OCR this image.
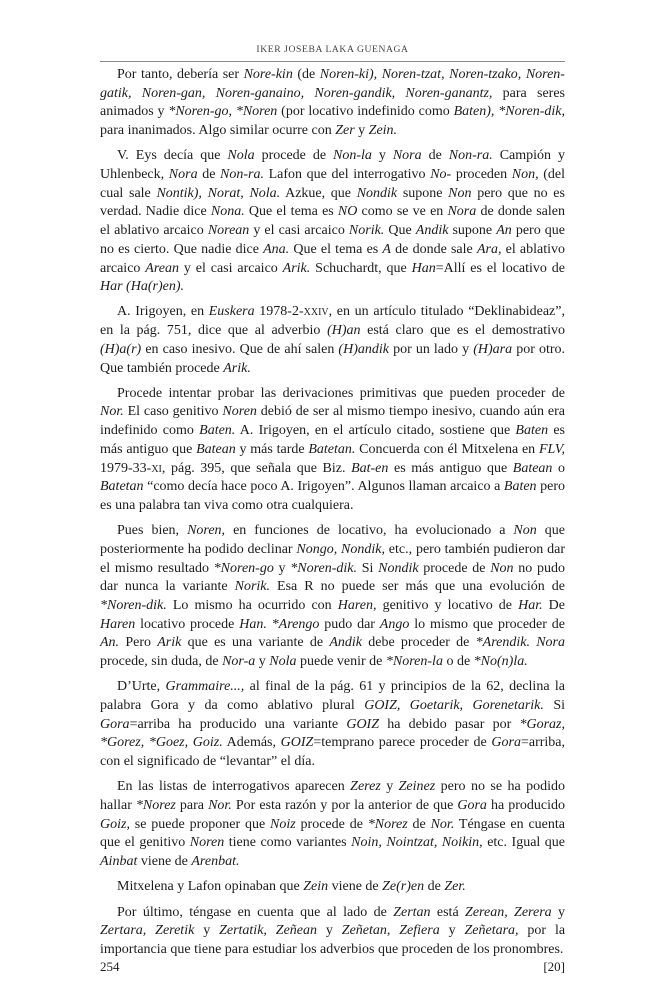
IKER JOSEBA LAKA GUENAGA

Por tanto, debería ser Nore-kin (de Noren-ki), Noren-tzat, Noren-tzako, Noren-gatik, Noren-gan, Noren-ganaino, Noren-gandik, Noren-ganantz, para seres animados y *Noren-go, *Noren (por locativo indefinido como Baten), *Noren-dik, para inanimados. Algo similar ocurre con Zer y Zein.

V. Eys decía que Nola procede de Non-la y Nora de Non-ra. Campión y Uhlenbeck, Nora de Non-ra. Lafon que del interrogativo No- proceden Non, (del cual sale Nontik), Norat, Nola. Azkue, que Nondik supone Non pero que no es verdad. Nadie dice Nona. Que el tema es NO como se ve en Nora de donde salen el ablativo arcaico Norean y el casi arcaico Norik. Que Andik supone An pero que no es cierto. Que nadie dice Ana. Que el tema es A de donde sale Ara, el ablativo arcaico Arean y el casi arcaico Arik. Schuchardt, que Han=Allí es el locativo de Har (Ha(r)en).

A. Irigoyen, en Euskera 1978-2-xxiv, en un artículo titulado “Deklinabideaz”, en la pág. 751, dice que al adverbio (H)an está claro que es el demostrativo (H)a(r) en caso inesivo. Que de ahí salen (H)andik por un lado y (H)ara por otro. Que también procede Arik.

Procede intentar probar las derivaciones primitivas que pueden proceder de Nor. El caso genitivo Noren debió de ser al mismo tiempo inesivo, cuando aún era indefinido como Baten. A. Irigoyen, en el artículo citado, sostiene que Baten es más antiguo que Batean y más tarde Batetan. Concuerda con él Mitxelena en FLV, 1979-33-xi, pág. 395, que señala que Biz. Bat-en es más antiguo que Batean o Batetan “como decía hace poco A. Irigoyen”. Algunos llaman arcaico a Baten pero es una palabra tan viva como otra cualquiera.

Pues bien, Noren, en funciones de locativo, ha evolucionado a Non que posteriormente ha podido declinar Nongo, Nondik, etc., pero también pudieron dar el mismo resultado *Noren-go y *Noren-dik. Si Nondik procede de Non no pudo dar nunca la variante Norik. Esa R no puede ser más que una evolución de *Noren-dik. Lo mismo ha ocurrido con Haren, genitivo y locativo de Har. De Haren locativo procede Han. *Arengo pudo dar Ango lo mismo que proceder de An. Pero Arik que es una variante de Andik debe proceder de *Arendik. Nora procede, sin duda, de Nor-a y Nola puede venir de *Noren-la o de *No(n)la.

D’Urte, Grammaire..., al final de la pág. 61 y principios de la 62, declina la palabra Gora y da como ablativo plural GOIZ, Goetarik, Gorenetarik. Si Gora=arriba ha producido una variante GOIZ ha debido pasar por *Goraz, *Gorez, *Goez, Goiz. Además, GOIZ=temprano parece proceder de Gora=arriba, con el significado de “levantar” el día.

En las listas de interrogativos aparecen Zerez y Zeinez pero no se ha podido hallar *Norez para Nor. Por esta razón y por la anterior de que Gora ha producido Goiz, se puede proponer que Noiz procede de *Norez de Nor. Téngase en cuenta que el genitivo Noren tiene como variantes Noin, Nointzat, Noikin, etc. Igual que Ainbat viene de Arenbat.

Mitxelena y Lafon opinaban que Zein viene de Ze(r)en de Zer.

Por último, téngase en cuenta que al lado de Zertan está Zerean, Zerera y Zertara, Zeretik y Zertatik, Zeñean y Zeñetan, Zefiera y Zeñetara, por la importancia que tiene para estudiar los adverbios que proceden de los pronombres.

254	[20]
